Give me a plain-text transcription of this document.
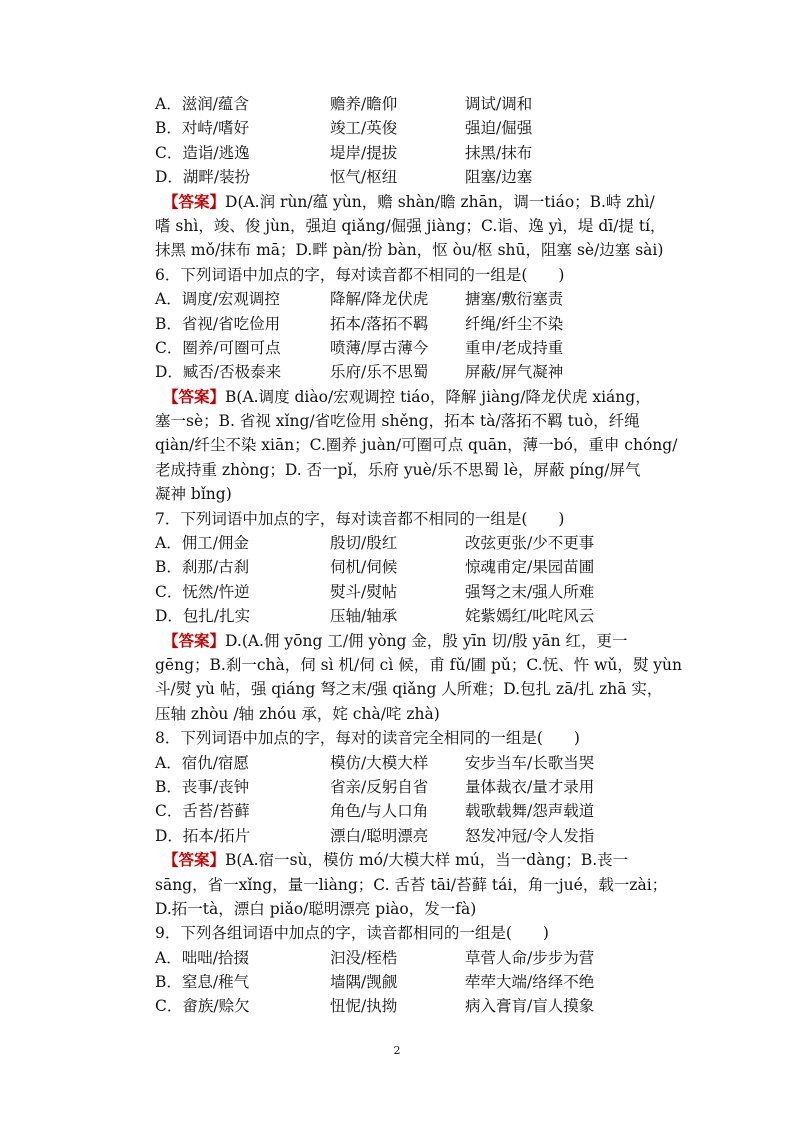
A．滋润/蕴含	赡养/瞻仰	调试/调和
B．对峙/嗜好	竣工/英俊	强迫/倔强
C．造诣/逃逸	堤岸/提拔	抹黑/抹布
D．湖畔/装扮	怄气/枢纽	阻塞/边塞
【答案】D(A.润 rùn/蕴 yùn，赡 shàn/瞻 zhān，调一tiáo；B.峙 zhì/
嗜 shì，竣、俊 jùn，强迫 qiǎng/倔强 jiàng；C.诣、逸 yì，堤 dī/提 tí，
抹黑 mǒ/抹布 mā；D.畔 pàn/扮 bàn，怄 òu/枢 shū，阻塞 sè/边塞 sài)
6．下列词语中加点的字，每对读音都不相同的一组是(　　)
A．调度/宏观调控	降解/降龙伏虎 搪塞/敷衍塞责
B．省视/省吃俭用	拓本/落拓不羁 纤绳/纤尘不染
C．圈养/可圈可点	喷薄/厚古薄今 重申/老成持重
D．臧否/否极泰来	乐府/乐不思蜀 屏蔽/屏气凝神
【答案】B(A.调度 diào/宏观调控 tiáo，降解 jiàng/降龙伏虎 xiáng，
塞一sè；B. 省视 xǐng/省吃俭用 shěng，拓本 tà/落拓不羁 tuò，纤绳
qiàn/纤尘不染 xiān；C.圈养 juàn/可圈可点 quān，薄一bó，重申 chóng/
老成持重 zhòng；D. 否一pǐ，乐府 yuè/乐不思蜀 lè，屏蔽 píng/屏气
凝神 bǐng)
7．下列词语中加点的字，每对读音都不相同的一组是(　　)
A．佣工/佣金	殷切/殷红	改弦更张/少不更事
B．刹那/古刹	伺机/伺候	惊魂甫定/果园苗圃
C．怃然/忤逆	熨斗/熨帖	强弩之末/强人所难
D．包扎/扎实	压轴/轴承	姹紫嫣红/叱咤风云
【答案】D.(A.佣 yōng 工/佣 yòng 金，殷 yīn 切/殷 yān 红，更一
gēng；B.刹一chà，伺 sì 机/伺 cì 候，甫 fǔ/圃 pǔ；C.怃、忤 wǔ，熨 yùn
斗/熨 yù 帖，强 qiáng 弩之末/强 qiǎng 人所难；D.包扎 zā/扎 zhā 实，
压轴 zhòu /轴 zhóu 承，姹 chà/咤 zhà)
8．下列词语中加点的字，每对的读音完全相同的一组是(　　)
A．宿仇/宿愿	模仿/大模大样 安步当车/长歌当哭
B．丧事/丧钟	省亲/反躬自省 量体裁衣/量才录用
C．舌苔/苔藓	角色/与人口角 载歌载舞/怨声载道
D．拓本/拓片	漂白/聪明漂亮 怒发冲冠/令人发指
【答案】B(A.宿一sù，模仿 mó/大模大样 mú，当一dàng；B.丧一
sāng，省一xǐng，量一liàng；C. 舌苔 tāi/苔藓 tái，角一jué，载一zài；
D.拓一tà，漂白 piǎo/聪明漂亮 piào，发一fà)
9．下列各组词语中加点的字，读音都相同的一组是(　　)
A．咄咄/拾掇	汩没/桎梏	草菅人命/步步为营
B．窒息/稚气	墙隅/觊觎	荦荦大端/络绎不绝
C．畲族/赊欠	忸怩/执拗	病入膏肓/盲人摸象
2
